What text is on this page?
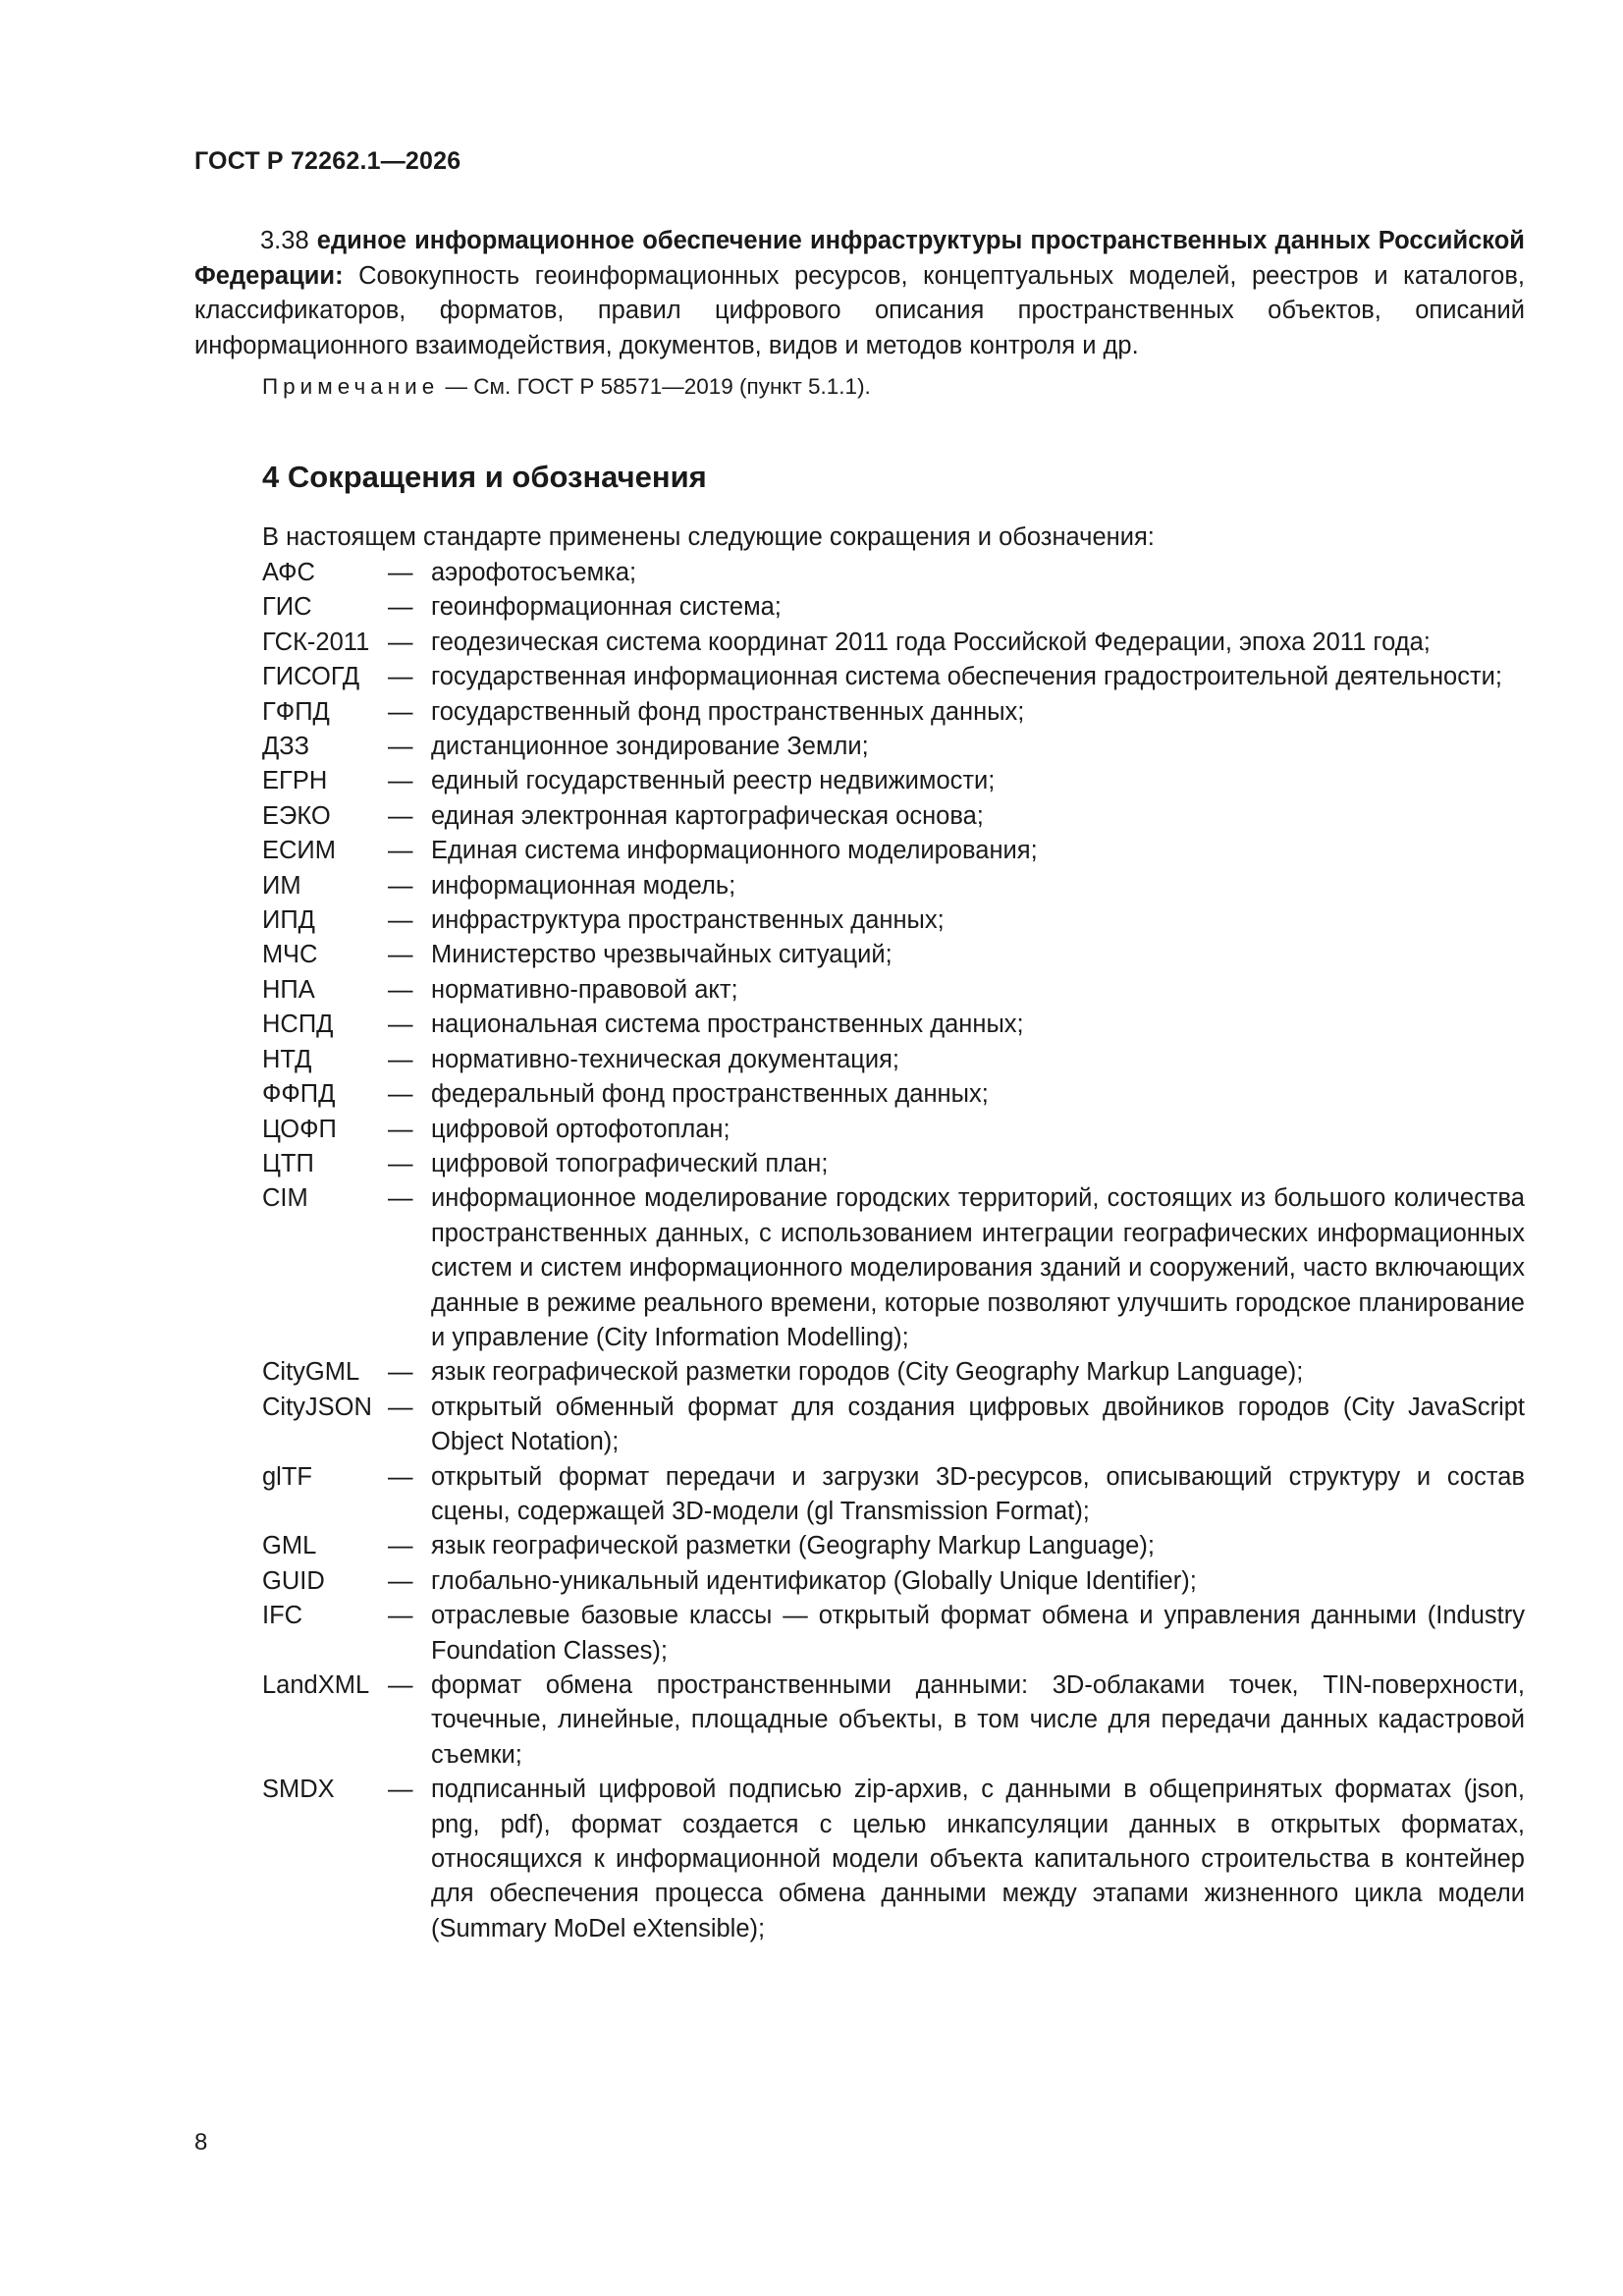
ГОСТ Р 72262.1—2026
3.38 единое информационное обеспечение инфраструктуры пространственных данных Российской Федерации: Совокупность геоинформационных ресурсов, концептуальных моделей, реестров и каталогов, классификаторов, форматов, правил цифрового описания пространственных объектов, описаний информационного взаимодействия, документов, видов и методов контроля и др.
Примечание — См. ГОСТ Р 58571—2019 (пункт 5.1.1).
4 Сокращения и обозначения
В настоящем стандарте применены следующие сокращения и обозначения:
АФС	— аэрофотосъемка;
ГИС	— геоинформационная система;
ГСК-2011 — геодезическая система координат 2011 года Российской Федерации, эпоха 2011 года;
ГИСОГД	— государственная информационная система обеспечения градостроительной деятельности;
ГФПД	— государственный фонд пространственных данных;
ДЗЗ	— дистанционное зондирование Земли;
ЕГРН	— единый государственный реестр недвижимости;
ЕЭКО	— единая электронная картографическая основа;
ЕСИМ	— Единая система информационного моделирования;
ИМ	— информационная модель;
ИПД	— инфраструктура пространственных данных;
МЧС	— Министерство чрезвычайных ситуаций;
НПА	— нормативно-правовой акт;
НСПД	— национальная система пространственных данных;
НТД	— нормативно-техническая документация;
ФФПД	— федеральный фонд пространственных данных;
ЦОФП	— цифровой ортофотоплан;
ЦТП	— цифровой топографический план;
CIM	— информационное моделирование городских территорий, состоящих из большого количества пространственных данных, с использованием интеграции географических информационных систем и систем информационного моделирования зданий и сооружений, часто включающих данные в режиме реального времени, которые позволяют улучшить городское планирование и управление (City Information Modelling);
CityGML	— язык географической разметки городов (City Geography Markup Language);
CityJSON — открытый обменный формат для создания цифровых двойников городов (City JavaScript Object Notation);
glTF	— открытый формат передачи и загрузки 3D-ресурсов, описывающий структуру и состав сцены, содержащей 3D-модели (gl Transmission Format);
GML	— язык географической разметки (Geography Markup Language);
GUID	— глобально-уникальный идентификатор (Globally Unique Identifier);
IFC	— отраслевые базовые классы — открытый формат обмена и управления данными (Industry Foundation Classes);
LandXML — формат обмена пространственными данными: 3D-облаками точек, TIN-поверхности, точечные, линейные, площадные объекты, в том числе для передачи данных кадастровой съемки;
SMDX	— подписанный цифровой подписью zip-архив, с данными в общепринятых форматах (json, png, pdf), формат создается с целью инкапсуляции данных в открытых форматах, относящихся к информационной модели объекта капитального строительства в контейнер для обеспечения процесса обмена данными между этапами жизненного цикла модели (Summary MoDel eXtensible);
8
